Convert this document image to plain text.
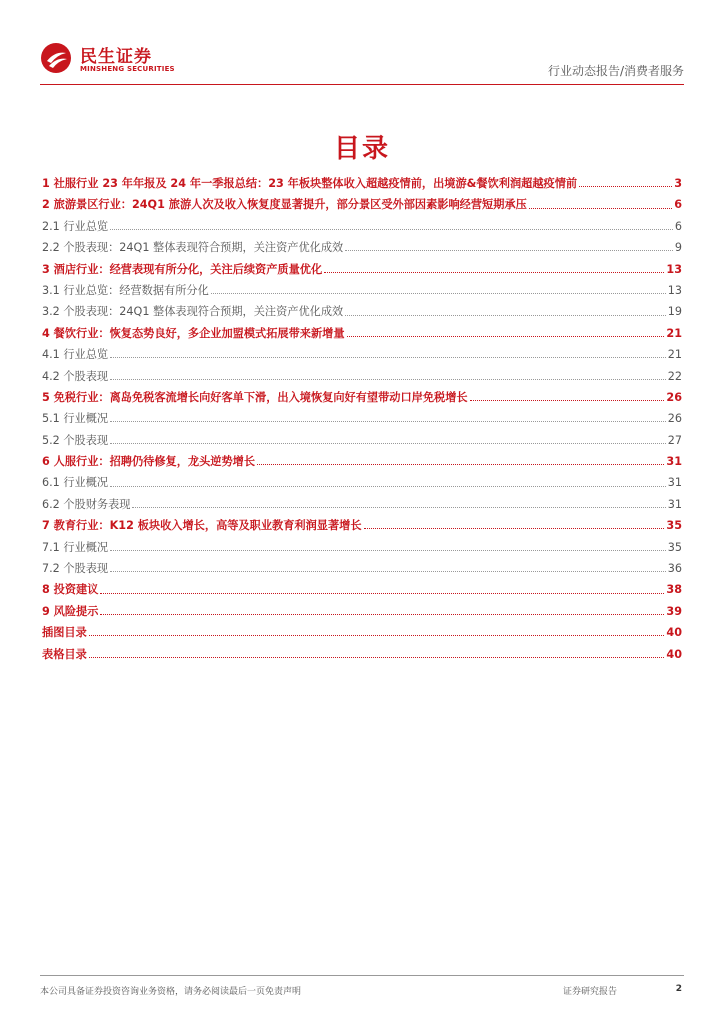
民生证券
MINSHENG SECURITIES	行业动态报告/消费者服务
目录
1 社服行业 23 年年报及 24 年一季报总结：23 年板块整体收入超越疫情前，出境游&餐饮利润超越疫情前	3
2 旅游景区行业：24Q1 旅游人次及收入恢复度显著提升，部分景区受外部因素影响经营短期承压	6
2.1 行业总览	6
2.2 个股表现：24Q1 整体表现符合预期，关注资产优化成效	9
3 酒店行业：经营表现有所分化，关注后续资产质量优化	13
3.1 行业总览：经营数据有所分化	13
3.2 个股表现：24Q1 整体表现符合预期，关注资产优化成效	19
4 餐饮行业：恢复态势良好，多企业加盟模式拓展带来新增量	21
4.1 行业总览	21
4.2 个股表现	22
5 免税行业：离岛免税客流增长向好客单下滑，出入境恢复向好有望带动口岸免税增长	26
5.1 行业概况	26
5.2 个股表现	27
6 人服行业：招聘仍待修复，龙头逆势增长	31
6.1 行业概况	31
6.2 个股财务表现	31
7 教育行业：K12 板块收入增长，高等及职业教育利润显著增长	35
7.1 行业概况	35
7.2 个股表现	36
8 投资建议	38
9 风险提示	39
插图目录	40
表格目录	40
本公司具备证券投资咨询业务资格，请务必阅读最后一页免责声明	证券研究报告	2
